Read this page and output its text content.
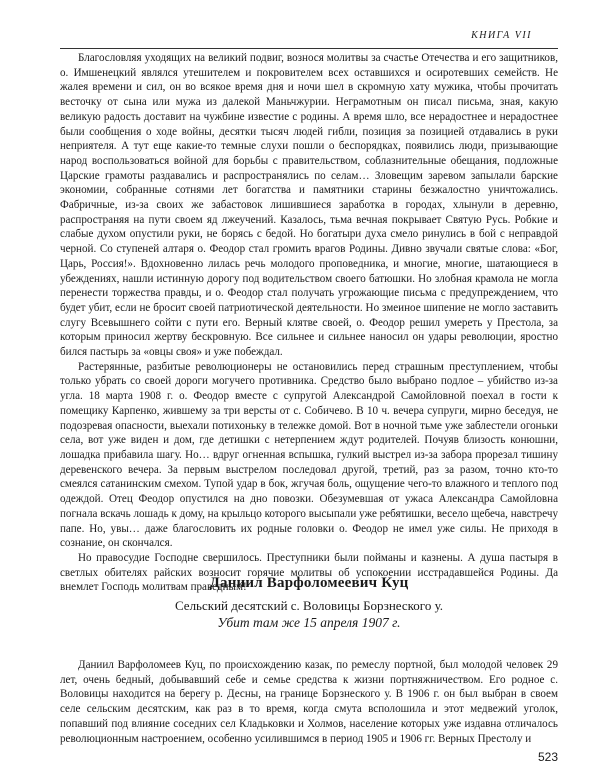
КНИГА VII

Благословляя уходящих на великий подвиг, вознося молитвы за счастье Отечества и его защитников, о. Имшенецкий являлся утешителем и покровителем всех оставшихся и осиротевших семейств. Не жалея времени и сил, он во всякое время дня и ночи шел в скромную хату мужика, чтобы прочитать весточку от сына или мужа из далекой Маньчжурии. Неграмотным он писал письма, зная, какую великую радость доставит на чужбине известие с родины. А время шло, все нерадостнее и нерадостнее были сообщения о ходе войны, десятки тысяч людей гибли, позиция за позицией отдавались в руки неприятеля. А тут еще какие-то темные слухи пошли о беспорядках, появились люди, призывающие народ воспользоваться войной для борьбы с правительством, соблазнительные обещания, подложные Царские грамоты раздавались и распространялись по селам… Зловещим заревом запылали барские экономии, собранные сотнями лет богатства и памятники старины безжалостно уничтожались. Фабричные, из-за своих же забастовок лишившиеся заработка в городах, хлынули в деревню, распространяя на пути своем яд лжеучений. Казалось, тьма вечная покрывает Святую Русь. Робкие и слабые духом опустили руки, не борясь с бедой. Но богатыри духа смело ринулись в бой с неправдой черной. Со ступеней алтаря о. Феодор стал громить врагов Родины. Дивно звучали святые слова: «Бог, Царь, Россия!». Вдохновенно лилась речь молодого проповедника, и многие, многие, шатающиеся в убеждениях, нашли истинную дорогу под водительством своего батюшки. Но злобная крамола не могла перенести торжества правды, и о. Феодор стал получать угрожающие письма с предупреждением, что будет убит, если не бросит своей патриотической деятельности. Но змеиное шипение не могло заставить слугу Всевышнего сойти с пути его. Верный клятве своей, о. Феодор решил умереть у Престола, за которым приносил жертву бескровную. Все сильнее и сильнее наносил он удары революции, яростно бился пастырь за «овцы своя» и уже побеждал.

Растерянные, разбитые революционеры не остановились перед страшным преступлением, чтобы только убрать со своей дороги могучего противника. Средство было выбрано подлое – убийство из-за угла. 18 марта 1908 г. о. Феодор вместе с супругой Александрой Самойловной поехал в гости к помещику Карпенко, жившему за три версты от с. Собичево. В 10 ч. вечера супруги, мирно беседуя, не подозревая опасности, выехали потихоньку в тележке домой. Вот в ночной тьме уже заблестели огоньки села, вот уже виден и дом, где детишки с нетерпением ждут родителей. Почуяв близость конюшни, лошадка прибавила шагу. Но… вдруг огненная вспышка, гулкий выстрел из-за забора прорезал тишину деревенского вечера. За первым выстрелом последовал другой, третий, раз за разом, точно кто-то смеялся сатанинским смехом. Тупой удар в бок, жгучая боль, ощущение чего-то влажного и теплого под одеждой. Отец Феодор опустился на дно повозки. Обезумевшая от ужаса Александра Самойловна погнала вскачь лошадь к дому, на крыльцо которого высыпали уже ребятишки, весело щебеча, навстречу папе. Но, увы… даже благословить их родные головки о. Феодор не имел уже силы. Не приходя в сознание, он скончался.

Но правосудие Господне свершилось. Преступники были пойманы и казнены. А душа пастыря в светлых обителях райских возносит горячие молитвы об успокоении исстрадавшейся Родины. Да внемлет Господь молитвам праведным!

Даниил Варфоломеевич Куц
Сельский десятский с. Воловицы Борзнеского у.
Убит там же 15 апреля 1907 г.

Даниил Варфоломеев Куц, по происхождению казак, по ремеслу портной, был молодой человек 29 лет, очень бедный, добывавший себе и семье средства к жизни портняжничеством. Его родное с. Воловицы находится на берегу р. Десны, на границе Борзнеского у. В 1906 г. он был выбран в своем селе сельским десятским, как раз в то время, когда смута всполошила и этот медвежий уголок, попавший под влияние соседних сел Кладьковки и Холмов, население которых уже издавна отличалось революционным настроением, особенно усилившимся в период 1905 и 1906 гг. Верных Престолу и

523
